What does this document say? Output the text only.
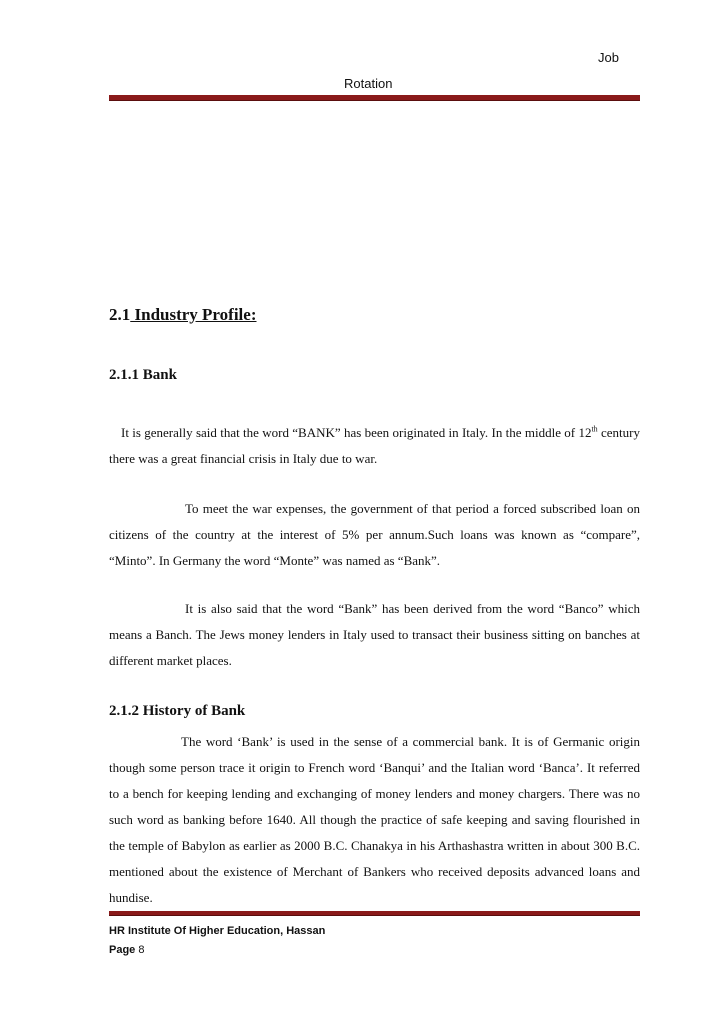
Job
Rotation
2.1 Industry Profile:
2.1.1 Bank

It is generally said that the word “BANK” has been originated in Italy. In the middle of 12th century there was a great financial crisis in Italy due to war.

To meet the war expenses, the government of that period a forced subscribed loan on citizens of the country at the interest of 5% per annum.Such loans was known as “compare”, “Minto”. In Germany the word “Monte” was named as “Bank”.

It is also said that the word “Bank” has been derived from the word “Banco” which means a Banch. The Jews money lenders in Italy used to transact their business sitting on banches at different market places.

2.1.2 History of Bank

The word ‘Bank’ is used in the sense of a commercial bank. It is of Germanic origin though some person trace it origin to French word ‘Banqui’ and the Italian word ‘Banca’. It referred to a bench for keeping lending and exchanging of money lenders and money chargers. There was no such word as banking before 1640. All though the practice of safe keeping and saving flourished in the temple of Babylon as earlier as 2000 B.C. Chanakya in his Arthashastra written in about 300 B.C. mentioned about the existence of Merchant of Bankers who received deposits advanced loans and hundise.

HR Institute Of Higher Education, Hassan
Page 8
